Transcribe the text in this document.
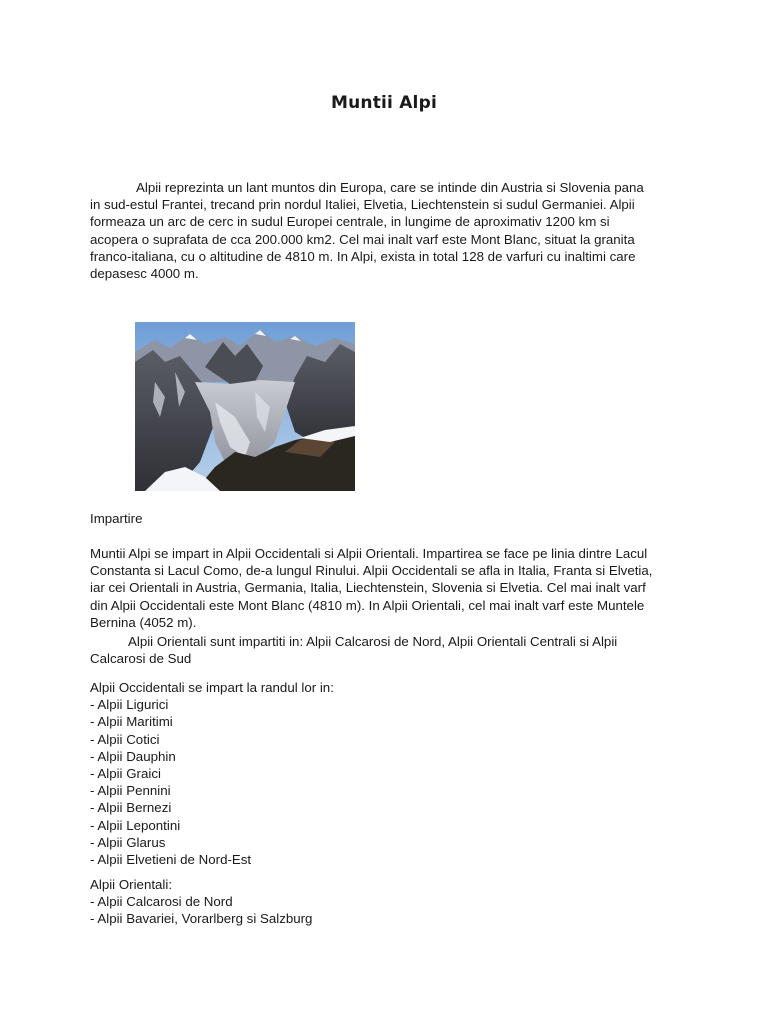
Muntii Alpi

Alpii reprezinta un lant muntos din Europa, care se intinde din Austria si Slovenia pana
in sud-estul Frantei, trecand prin nordul Italiei, Elvetia, Liechtenstein si sudul Germaniei. Alpii
formeaza un arc de cerc in sudul Europei centrale, in lungime de aproximativ 1200 km si
acopera o suprafata de cca 200.000 km2. Cel mai inalt varf este Mont Blanc, situat la granita
franco-italiana, cu o altitudine de 4810 m. In Alpi, exista in total 128 de varfuri cu inaltimi care
depasesc 4000 m.

Impartire

Muntii Alpi se impart in Alpii Occidentali si Alpii Orientali. Impartirea se face pe linia dintre Lacul
Constanta si Lacul Como, de-a lungul Rinului. Alpii Occidentali se afla in Italia, Franta si Elvetia,
iar cei Orientali in Austria, Germania, Italia, Liechtenstein, Slovenia si Elvetia. Cel mai inalt varf
din Alpii Occidentali este Mont Blanc (4810 m). In Alpii Orientali, cel mai inalt varf este Muntele
Bernina (4052 m).

Alpii Orientali sunt impartiti in: Alpii Calcarosi de Nord, Alpii Orientali Centrali si Alpii
Calcarosi de Sud

Alpii Occidentali se impart la randul lor in:
- Alpii Ligurici
- Alpii Maritimi
- Alpii Cotici
- Alpii Dauphin
- Alpii Graici
- Alpii Pennini
- Alpii Bernezi
- Alpii Lepontini
- Alpii Glarus
- Alpii Elvetieni de Nord-Est

Alpii Orientali:
- Alpii Calcarosi de Nord
- Alpii Bavariei, Vorarlberg si Salzburg
